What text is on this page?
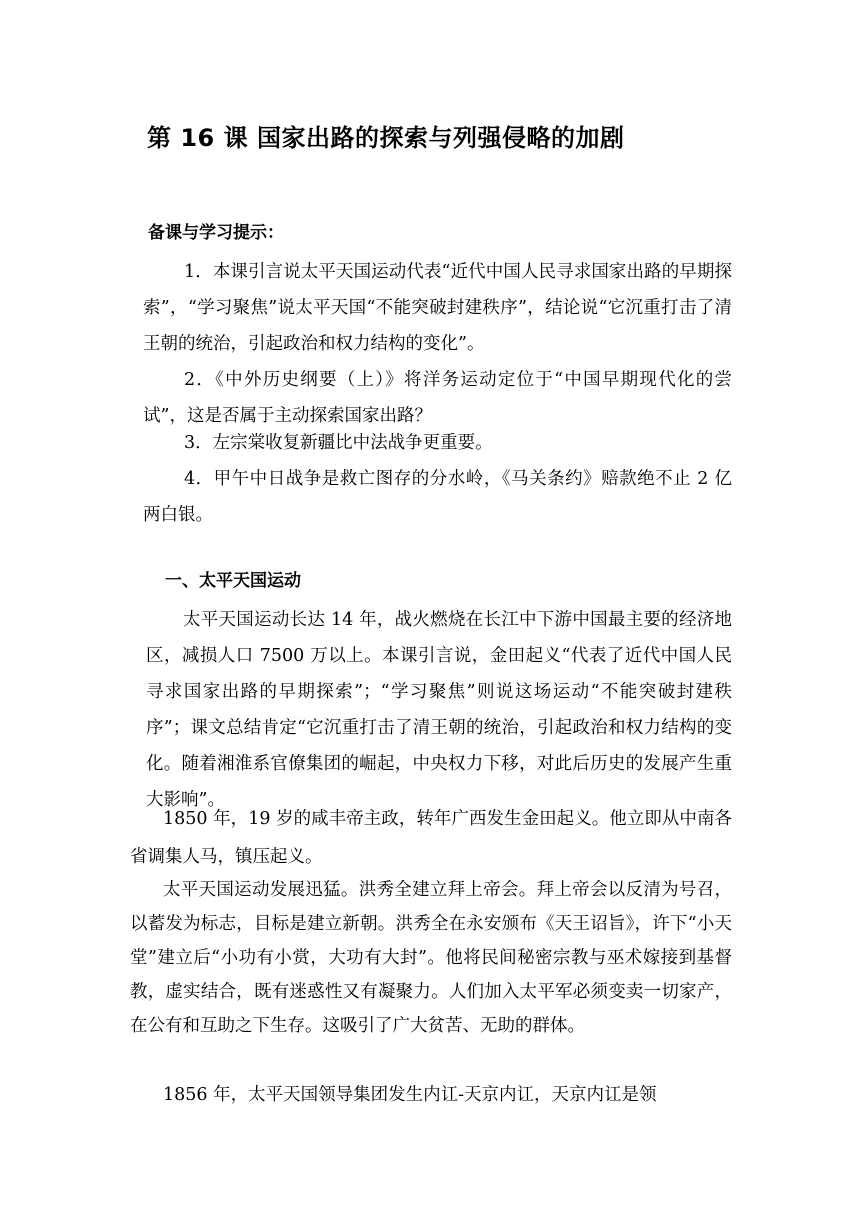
第 16 课 国家出路的探索与列强侵略的加剧
备课与学习提示：

1．本课引言说太平天国运动代表“近代中国人民寻求国家出路的早期探索”，“学习聚焦”说太平天国“不能突破封建秩序”，结论说“它沉重打击了清王朝的统治，引起政治和权力结构的变化”。

2．《中外历史纲要（上）》将洋务运动定位于“中国早期现代化的尝试”，这是否属于主动探索国家出路？

3．左宗棠收复新疆比中法战争更重要。

4．甲午中日战争是救亡图存的分水岭，《马关条约》赔款绝不止 2 亿两白银。

一、太平天国运动

太平天国运动长达 14 年，战火燃烧在长江中下游中国最主要的经济地区，减损人口 7500 万以上。本课引言说，金田起义“代表了近代中国人民寻求国家出路的早期探索”；“学习聚焦”则说这场运动“不能突破封建秩序”；课文总结肯定“它沉重打击了清王朝的统治，引起政治和权力结构的变化。随着湘淮系官僚集团的崛起，中央权力下移，对此后历史的发展产生重大影响”。

1850 年，19 岁的咸丰帝主政，转年广西发生金田起义。他立即从中南各省调集人马，镇压起义。

太平天国运动发展迅猛。洪秀全建立拜上帝会。拜上帝会以反清为号召，以蓄发为标志，目标是建立新朝。洪秀全在永安颁布《天王诏旨》，许下“小天堂”建立后“小功有小赏，大功有大封”。他将民间秘密宗教与巫术嫁接到基督教，虚实结合，既有迷惑性又有凝聚力。人们加入太平军必须变卖一切家产，在公有和互助之下生存。这吸引了广大贫苦、无助的群体。

1856 年，太平天国领导集团发生内讧-天京内讧，天京内讧是领
